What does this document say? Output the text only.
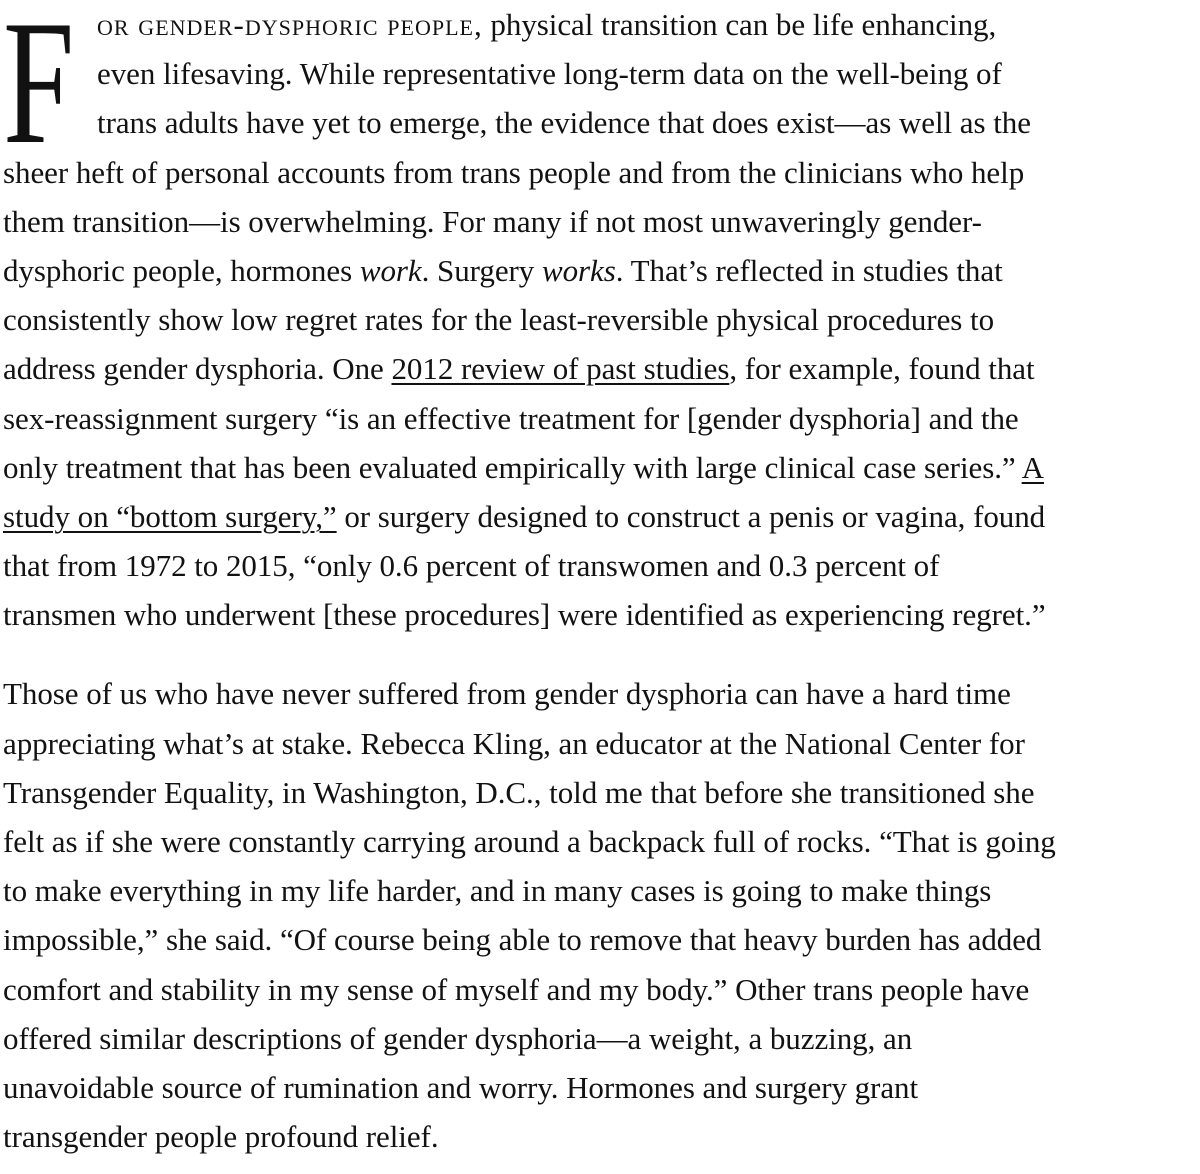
F or gender-dysphoric people, physical transition can be life enhancing,
even lifesaving. While representative long-term data on the well-being of
trans adults have yet to emerge, the evidence that does exist—as well as the
sheer heft of personal accounts from trans people and from the clinicians who help
them transition—is overwhelming. For many if not most unwaveringly gender-
dysphoric people, hormones work. Surgery works. That’s reflected in studies that
consistently show low regret rates for the least-reversible physical procedures to
address gender dysphoria. One 2012 review of past studies, for example, found that
sex-reassignment surgery “is an effective treatment for [gender dysphoria] and the
only treatment that has been evaluated empirically with large clinical case series.” A
study on “bottom surgery,” or surgery designed to construct a penis or vagina, found
that from 1972 to 2015, “only 0.6 percent of transwomen and 0.3 percent of
transmen who underwent [these procedures] were identified as experiencing regret.”

Those of us who have never suffered from gender dysphoria can have a hard time
appreciating what’s at stake. Rebecca Kling, an educator at the National Center for
Transgender Equality, in Washington, D.C., told me that before she transitioned she
felt as if she were constantly carrying around a backpack full of rocks. “That is going
to make everything in my life harder, and in many cases is going to make things
impossible,” she said. “Of course being able to remove that heavy burden has added
comfort and stability in my sense of myself and my body.” Other trans people have
offered similar descriptions of gender dysphoria—a weight, a buzzing, an
unavoidable source of rumination and worry. Hormones and surgery grant
transgender people profound relief.
